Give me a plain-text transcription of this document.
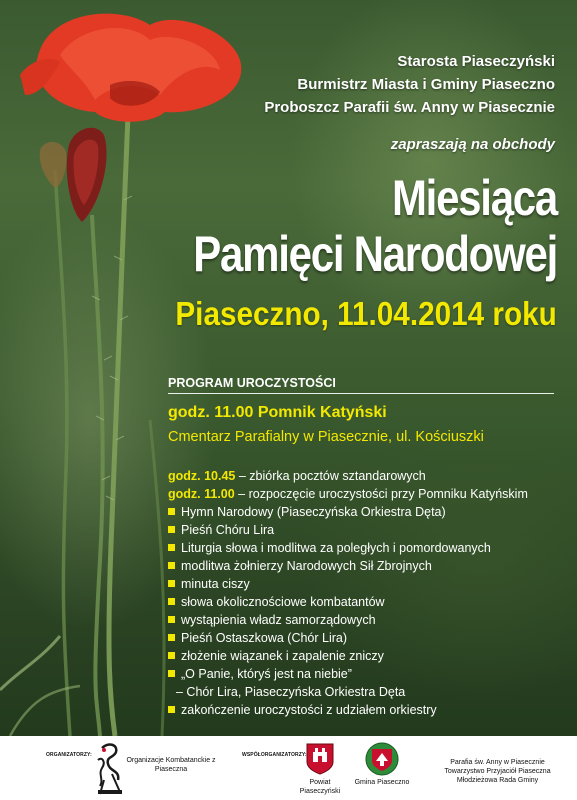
Starosta Piaseczyński
Burmistrz Miasta i Gminy Piaseczno
Proboszcz Parafii św. Anny w Piasecznie
zapraszają na obchody
Miesiąca
Pamięci Narodowej
Piaseczno, 11.04.2014 roku
PROGRAM UROCZYSTOŚCI
godz. 11.00 Pomnik Katyński
Cmentarz Parafialny w Piasecznie, ul. Kościuszki
godz. 10.45 – zbiórka pocztów sztandarowych
godz. 11.00 – rozpoczęcie uroczystości przy Pomniku Katyńskim
Hymn Narodowy (Piaseczyńska Orkiestra Dęta)
Pieśń Chóru Lira
Liturgia słowa i modlitwa za poległych i pomordowanych
modlitwa żołnierzy Narodowych Sił Zbrojnych
minuta ciszy
słowa okolicznościowe kombatantów
wystąpienia władz samorządowych
Pieśń Ostaszkowa (Chór Lira)
złożenie wiązanek i zapalenie zniczy
„O Panie, któryś jest na niebie”
– Chór Lira, Piaseczyńska Orkiestra Dęta
zakończenie uroczystości z udziałem orkiestry
ORGANIZATORZY:
Organizacje Kombatanckie z Piaseczna
WSPÓŁORGANIZATORZY:
Powiat Piaseczyński
Gmina Piaseczno
Parafia św. Anny w Piasecznie
Towarzystwo Przyjaciół Piaseczna
Młodzieżowa Rada Gminy
